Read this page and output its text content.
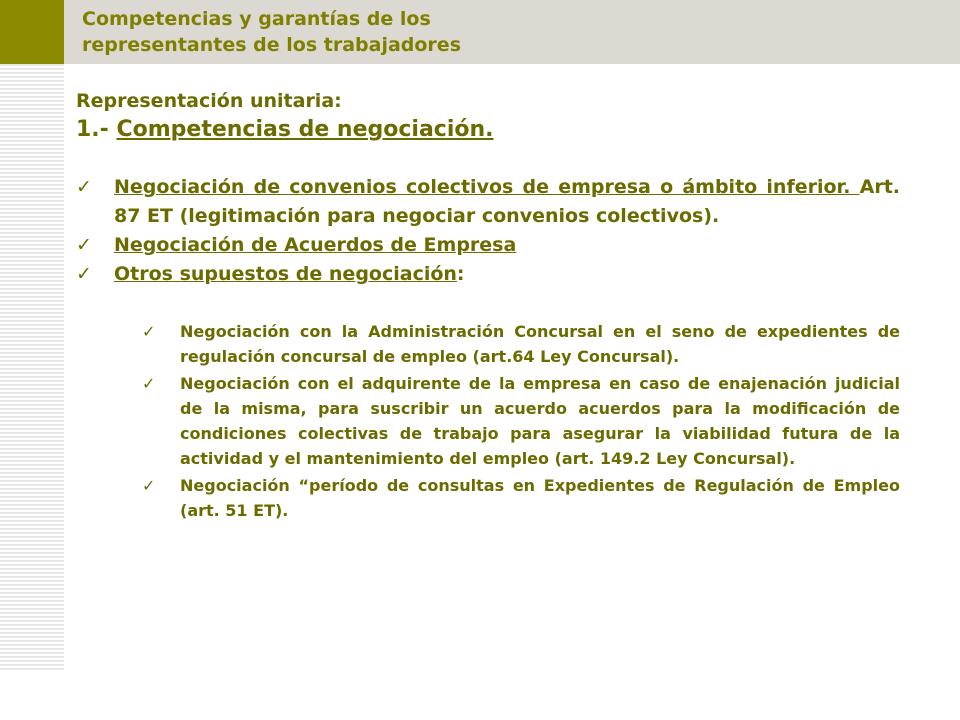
Competencias y garantías de los
representantes de los trabajadores
Representación unitaria:
1.- Competencias de negociación.
✓	Negociación de convenios colectivos de empresa o ámbito inferior. Art. 87 ET (legitimación para negociar convenios colectivos).
✓	Negociación de Acuerdos de Empresa
✓	Otros supuestos de negociación:
✓	Negociación con la Administración Concursal en el seno de expedientes de regulación concursal de empleo (art.64 Ley Concursal).
✓	Negociación con el adquirente de la empresa en caso de enajenación judicial de la misma, para suscribir un acuerdo acuerdos para la modificación de condiciones colectivas de trabajo para asegurar la viabilidad futura de la actividad y el mantenimiento del empleo (art. 149.2 Ley Concursal).
✓	Negociación “período de consultas en Expedientes de Regulación de Empleo (art. 51 ET).
